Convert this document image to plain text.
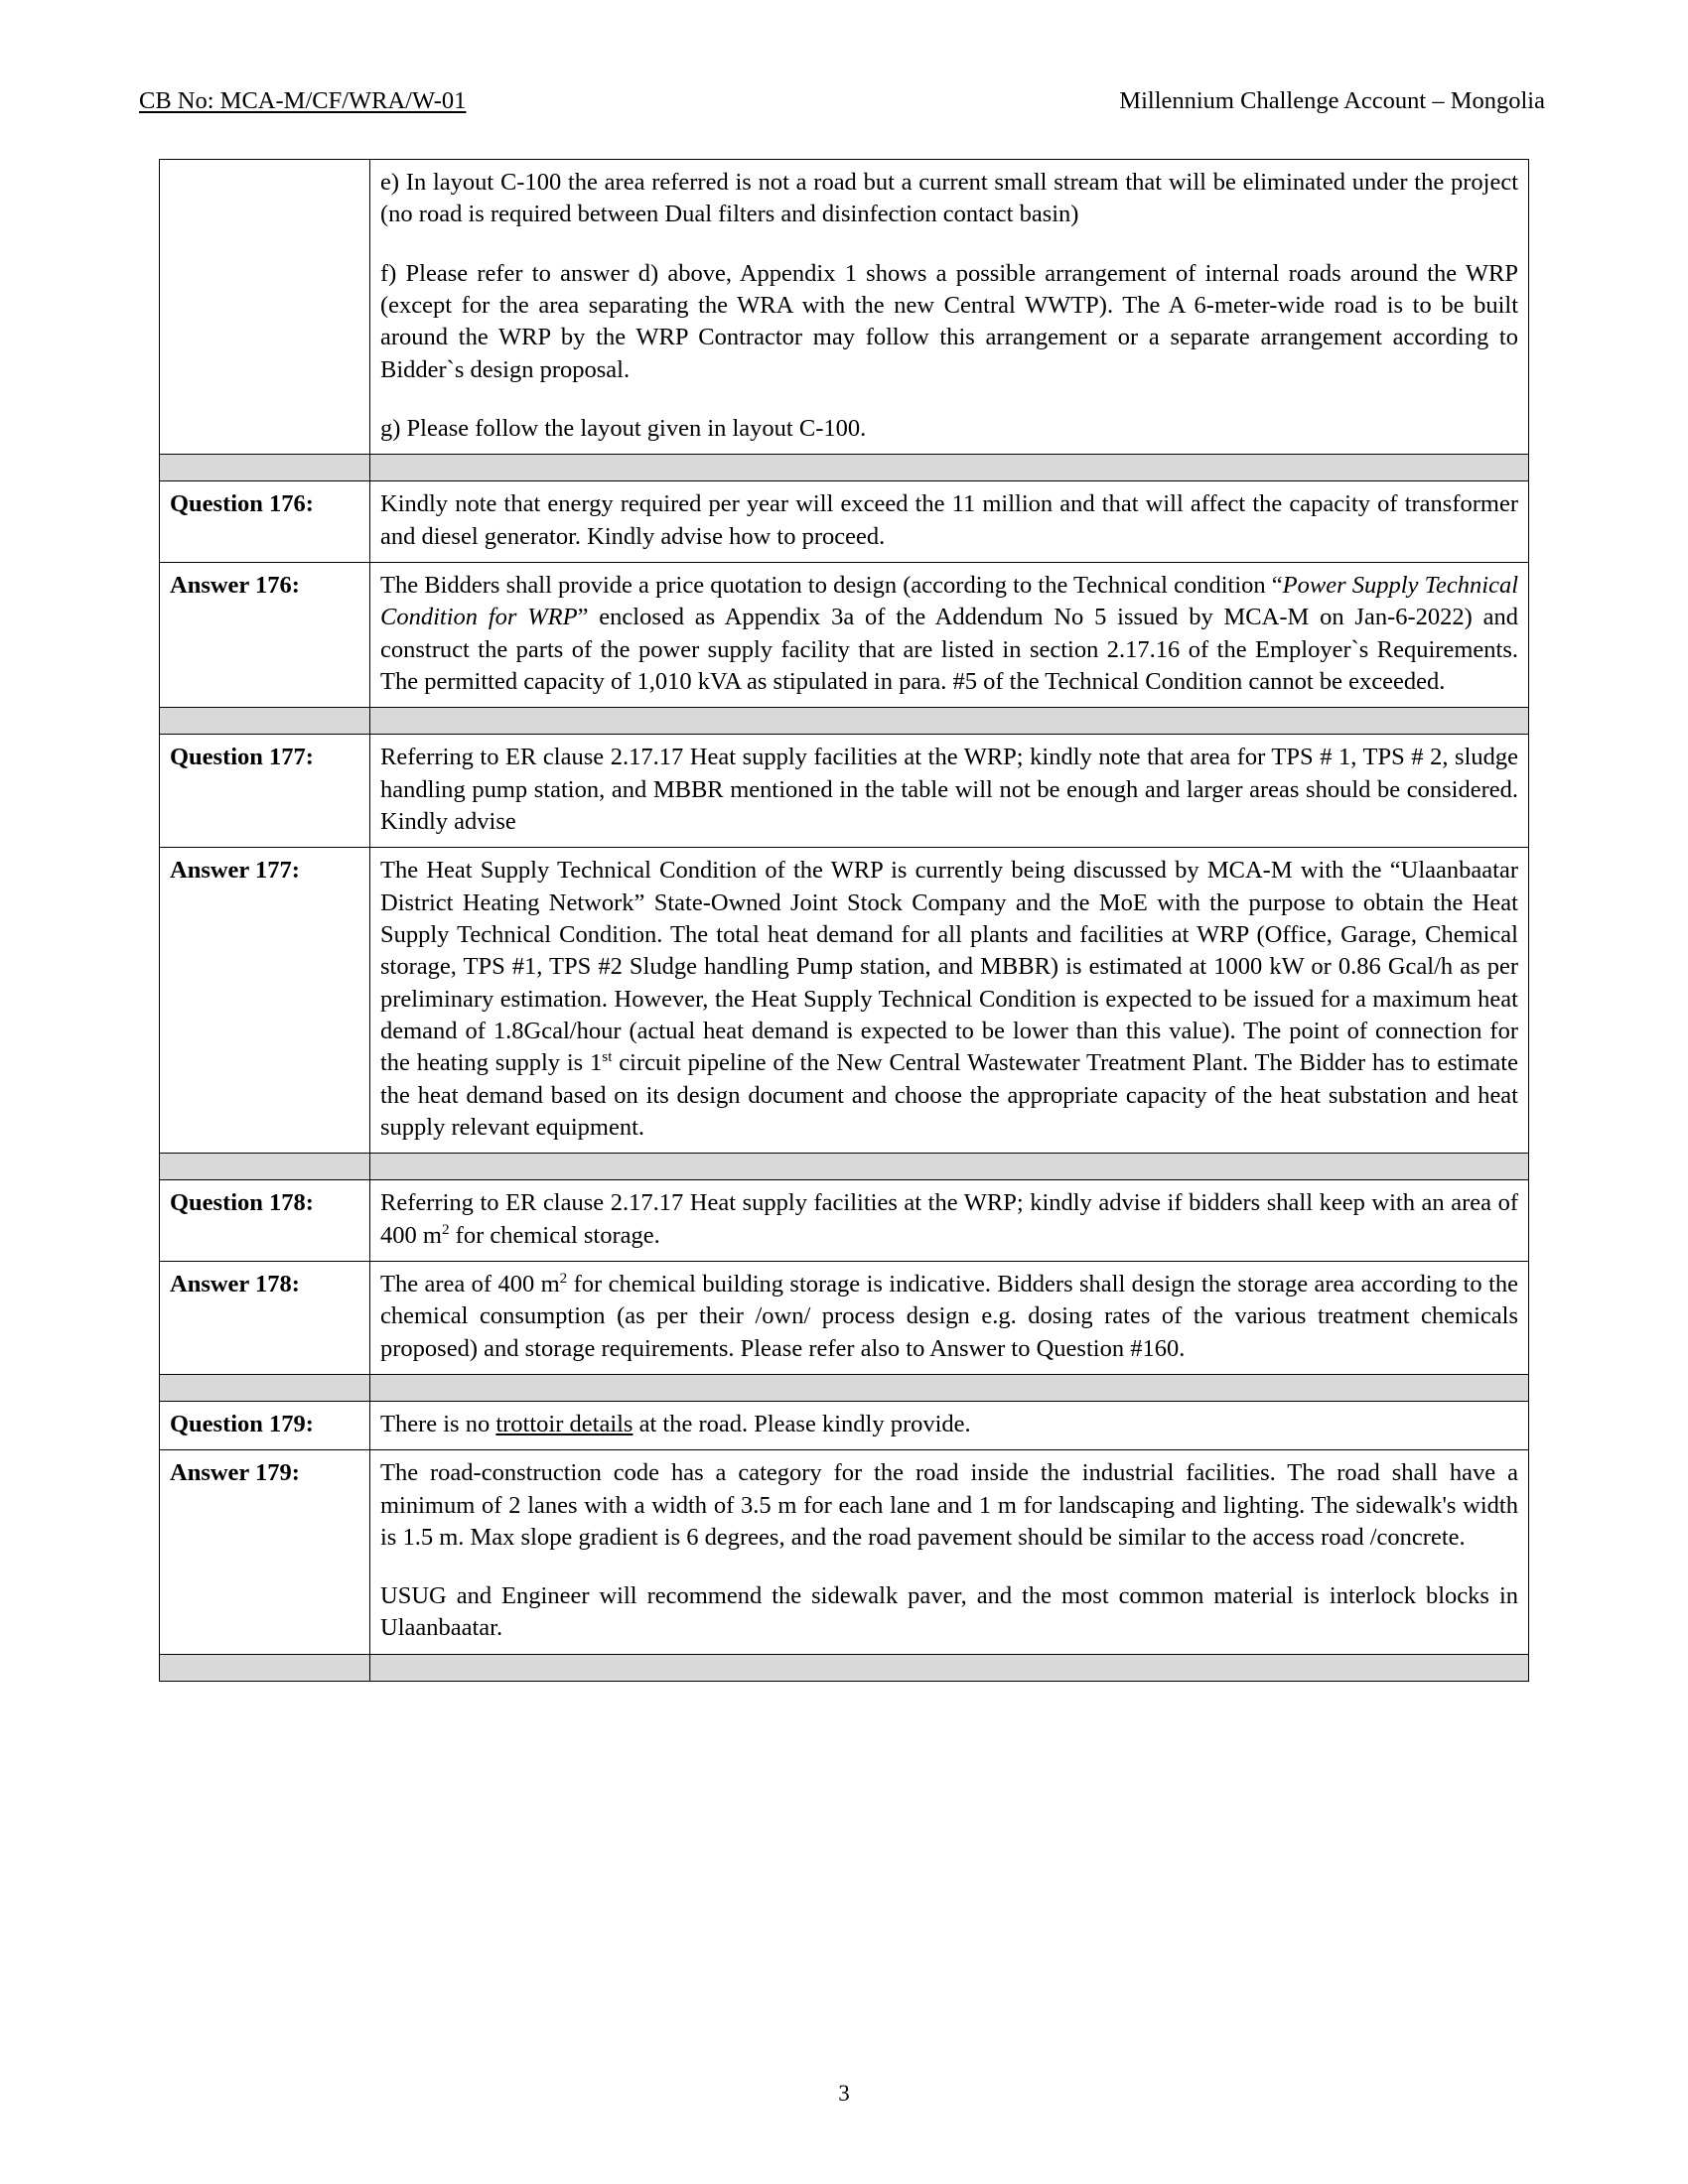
CB No: MCA-M/CF/WRA/W-01	Millennium Challenge Account – Mongolia

	e) In layout C-100 the area referred is not a road but a current small stream that will be eliminated under the project (no road is required between Dual filters and disinfection contact basin)

f) Please refer to answer d) above, Appendix 1 shows a possible arrangement of internal roads around the WRP (except for the area separating the WRA with the new Central WWTP). The A 6-meter-wide road is to be built around the WRP by the WRP Contractor may follow this arrangement or a separate arrangement according to Bidder`s design proposal.

g) Please follow the layout given in layout C-100.

Question 176:	Kindly note that energy required per year will exceed the 11 million and that will affect the capacity of transformer and diesel generator. Kindly advise how to proceed.
Answer 176:	The Bidders shall provide a price quotation to design (according to the Technical condition “Power Supply Technical Condition for WRP” enclosed as Appendix 3a of the Addendum No 5 issued by MCA-M on Jan-6-2022) and construct the parts of the power supply facility that are listed in section 2.17.16 of the Employer`s Requirements. The permitted capacity of 1,010 kVA as stipulated in para. #5 of the Technical Condition cannot be exceeded.

Question 177:	Referring to ER clause 2.17.17 Heat supply facilities at the WRP; kindly note that area for TPS # 1, TPS # 2, sludge handling pump station, and MBBR mentioned in the table will not be enough and larger areas should be considered. Kindly advise
Answer 177:	The Heat Supply Technical Condition of the WRP is currently being discussed by MCA-M with the “Ulaanbaatar District Heating Network” State-Owned Joint Stock Company and the MoE with the purpose to obtain the Heat Supply Technical Condition. The total heat demand for all plants and facilities at WRP (Office, Garage, Chemical storage, TPS #1, TPS #2 Sludge handling Pump station, and MBBR) is estimated at 1000 kW or 0.86 Gcal/h as per preliminary estimation. However, the Heat Supply Technical Condition is expected to be issued for a maximum heat demand of 1.8Gcal/hour (actual heat demand is expected to be lower than this value). The point of connection for the heating supply is 1st circuit pipeline of the New Central Wastewater Treatment Plant. The Bidder has to estimate the heat demand based on its design document and choose the appropriate capacity of the heat substation and heat supply relevant equipment.

Question 178:	Referring to ER clause 2.17.17 Heat supply facilities at the WRP; kindly advise if bidders shall keep with an area of 400 $m^2$ for chemical storage.
Answer 178:	The area of 400 $m^2$ for chemical building storage is indicative. Bidders shall design the storage area according to the chemical consumption (as per their /own/ process design e.g. dosing rates of the various treatment chemicals proposed) and storage requirements. Please refer also to Answer to Question #160.

Question 179:	There is no trottoir details at the road. Please kindly provide.
Answer 179:	The road-construction code has a category for the road inside the industrial facilities. The road shall have a minimum of 2 lanes with a width of 3.5 m for each lane and 1 m for landscaping and lighting. The sidewalk's width is 1.5 m. Max slope gradient is 6 degrees, and the road pavement should be similar to the access road /concrete.

USUG and Engineer will recommend the sidewalk paver, and the most common material is interlock blocks in Ulaanbaatar.

3
